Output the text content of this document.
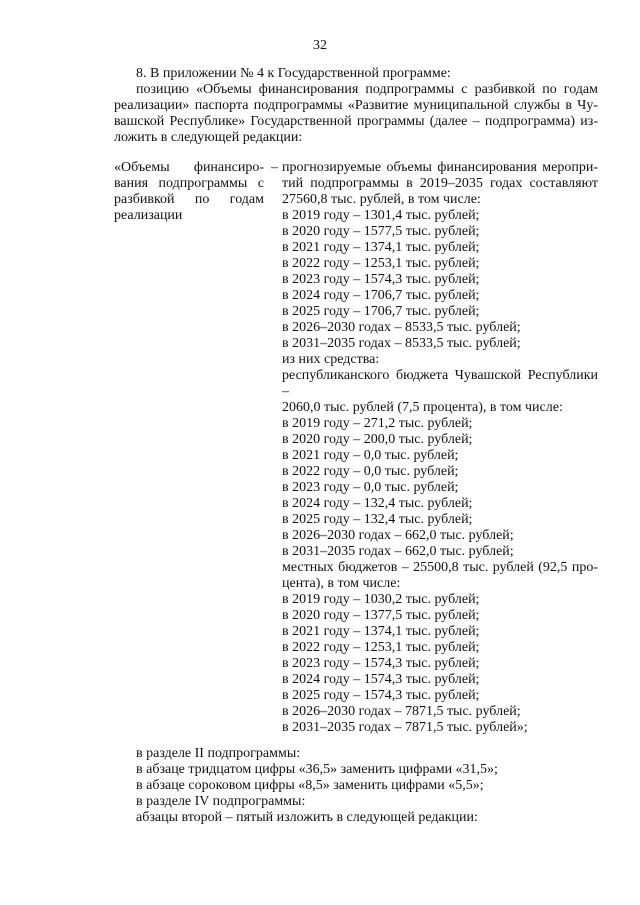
32
8. В приложении № 4 к Государственной программе:
позицию «Объемы финансирования подпрограммы с разбивкой по годам
реализации» паспорта подпрограммы «Развитие муниципальной службы в Чу-
вашской Республике» Государственной программы (далее – подпрограмма) из-
ложить в следующей редакции:
«Объемы финансиро-
вания подпрограммы с
разбивкой по годам
реализации
– прогнозируемые объемы финансирования меропри-
тий подпрограммы в 2019–2035 годах составляют
27560,8 тыс. рублей, в том числе:
в 2019 году – 1301,4 тыс. рублей;
в 2020 году – 1577,5 тыс. рублей;
в 2021 году – 1374,1 тыс. рублей;
в 2022 году – 1253,1 тыс. рублей;
в 2023 году – 1574,3 тыс. рублей;
в 2024 году – 1706,7 тыс. рублей;
в 2025 году – 1706,7 тыс. рублей;
в 2026–2030 годах – 8533,5 тыс. рублей;
в 2031–2035 годах – 8533,5 тыс. рублей;
из них средства:
республиканского бюджета Чувашской Республики –
2060,0 тыс. рублей (7,5 процента), в том числе:
в 2019 году – 271,2 тыс. рублей;
в 2020 году – 200,0 тыс. рублей;
в 2021 году – 0,0 тыс. рублей;
в 2022 году – 0,0 тыс. рублей;
в 2023 году – 0,0 тыс. рублей;
в 2024 году – 132,4 тыс. рублей;
в 2025 году – 132,4 тыс. рублей;
в 2026–2030 годах – 662,0 тыс. рублей;
в 2031–2035 годах – 662,0 тыс. рублей;
местных бюджетов – 25500,8 тыс. рублей (92,5 про-
цента), в том числе:
в 2019 году – 1030,2 тыс. рублей;
в 2020 году – 1377,5 тыс. рублей;
в 2021 году – 1374,1 тыс. рублей;
в 2022 году – 1253,1 тыс. рублей;
в 2023 году – 1574,3 тыс. рублей;
в 2024 году – 1574,3 тыс. рублей;
в 2025 году – 1574,3 тыс. рублей;
в 2026–2030 годах – 7871,5 тыс. рублей;
в 2031–2035 годах – 7871,5 тыс. рублей»;
в разделе II подпрограммы:
в абзаце тридцатом цифры «36,5» заменить цифрами «31,5»;
в абзаце сороковом цифры «8,5» заменить цифрами «5,5»;
в разделе IV подпрограммы:
абзацы второй – пятый изложить в следующей редакции:
